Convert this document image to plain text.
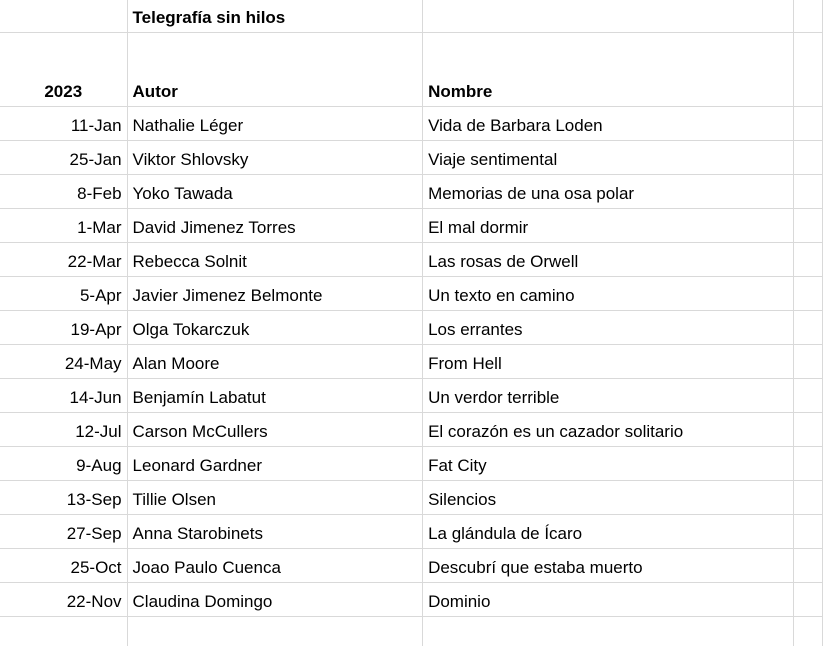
	Telegrafía sin hilos		
2023	Autor	Nombre	
11-Jan	Nathalie Léger	Vida de Barbara Loden	
25-Jan	Viktor Shlovsky	Viaje sentimental	
8-Feb	Yoko Tawada	Memorias de una osa polar	
1-Mar	David Jimenez Torres	El mal dormir	
22-Mar	Rebecca Solnit	Las rosas de Orwell	
5-Apr	Javier Jimenez Belmonte	Un texto en camino	
19-Apr	Olga Tokarczuk	Los errantes	
24-May	Alan Moore	From Hell	
14-Jun	Benjamín Labatut	Un verdor terrible	
12-Jul	Carson McCullers	El corazón es un cazador solitario	
9-Aug	Leonard Gardner	Fat City	
13-Sep	Tillie Olsen	Silencios	
27-Sep	Anna Starobinets	La glándula de Ícaro	
25-Oct	Joao Paulo Cuenca	Descubrí que estaba muerto	
22-Nov	Claudina Domingo	Dominio	
